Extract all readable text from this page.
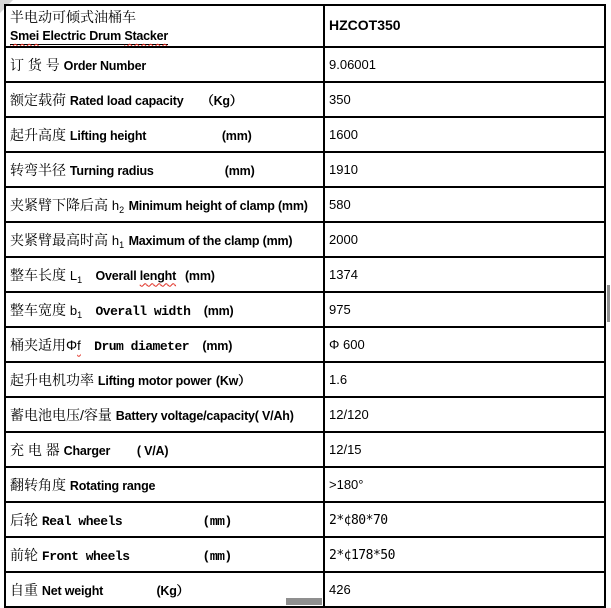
半电动可倾式油桶车
Smei Electric Drum Stacker	HZCOT350
订 货 号 Order Number	9.06001
额定载荷 Rated load capacity （Kg）	350
起升高度 Lifting height (mm)	1600
转弯半径 Turning radius (mm)	1910
夹紧臂下降后高 $h_2$ Minimum height of clamp (mm)	580
夹紧臂最高时高 $h_1$ Maximum of the clamp (mm)	2000
整车长度 $L_1$ Overall lenght (mm)	1374
整车宽度 $b_1$ Overall width (mm)	975
桶夹适用Φf Drum diameter (mm)	Φ 600
起升电机功率 Lifting motor power (Kw）	1.6
蓄电池电压/容量 Battery voltage/capacity( V/Ah)	12/120
充 电 器 Charger ( V/A)	12/15
翻转角度 Rotating range	>180°
后轮 Real wheels (mm)	2*¢80*70
前轮 Front wheels (mm)	2*¢178*50
自重 Net weight (Kg）	426
